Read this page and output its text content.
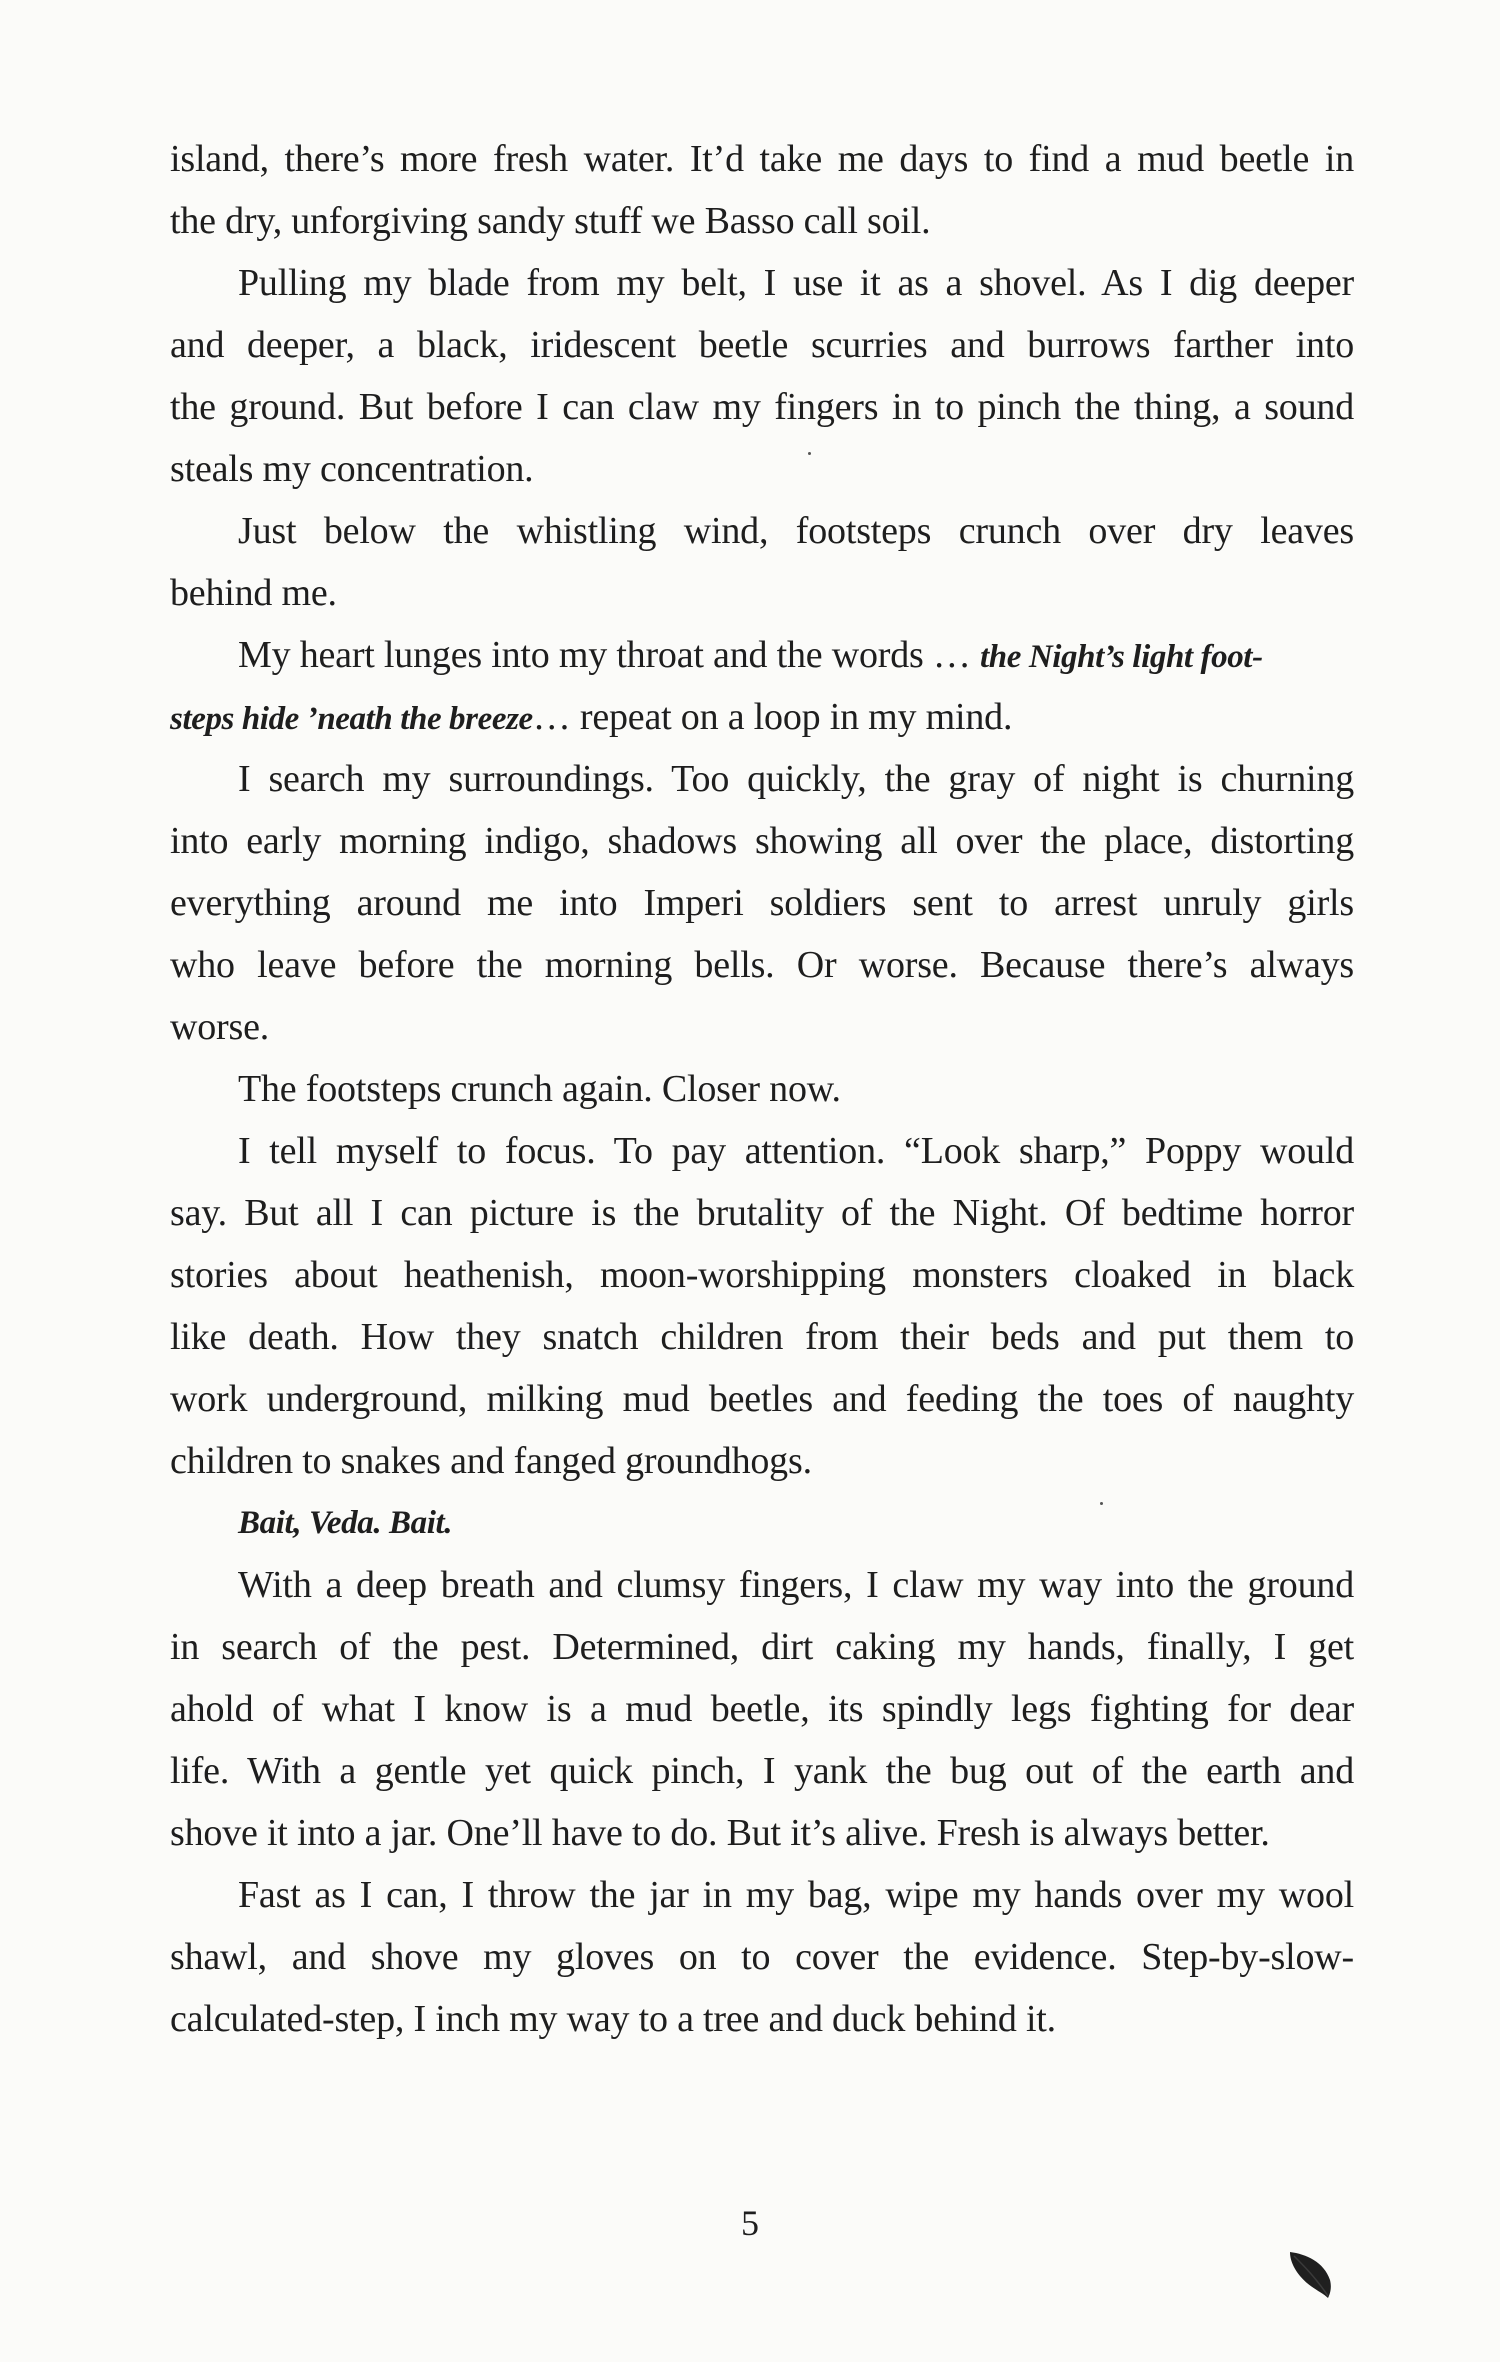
island, there’s more fresh water. It’d take me days to find a mud beetle in
the dry, unforgiving sandy stuff we Basso call soil.
Pulling my blade from my belt, I use it as a shovel. As I dig deeper
and deeper, a black, iridescent beetle scurries and burrows farther into
the ground. But before I can claw my fingers in to pinch the thing, a sound
steals my concentration.
Just below the whistling wind, footsteps crunch over dry leaves
behind me.
My heart lunges into my throat and the words … the Night’s light foot-
steps hide ’neath the breeze… repeat on a loop in my mind.
I search my surroundings. Too quickly, the gray of night is churning
into early morning indigo, shadows showing all over the place, distorting
everything around me into Imperi soldiers sent to arrest unruly girls
who leave before the morning bells. Or worse. Because there’s always
worse.
The footsteps crunch again. Closer now.
I tell myself to focus. To pay attention. “Look sharp,” Poppy would
say. But all I can picture is the brutality of the Night. Of bedtime horror
stories about heathenish, moon-worshipping monsters cloaked in black
like death. How they snatch children from their beds and put them to
work underground, milking mud beetles and feeding the toes of naughty
children to snakes and fanged groundhogs.
Bait, Veda. Bait.
With a deep breath and clumsy fingers, I claw my way into the ground
in search of the pest. Determined, dirt caking my hands, finally, I get
ahold of what I know is a mud beetle, its spindly legs fighting for dear
life. With a gentle yet quick pinch, I yank the bug out of the earth and
shove it into a jar. One’ll have to do. But it’s alive. Fresh is always better.
Fast as I can, I throw the jar in my bag, wipe my hands over my wool
shawl, and shove my gloves on to cover the evidence. Step-by-slow-
calculated-step, I inch my way to a tree and duck behind it.
5
